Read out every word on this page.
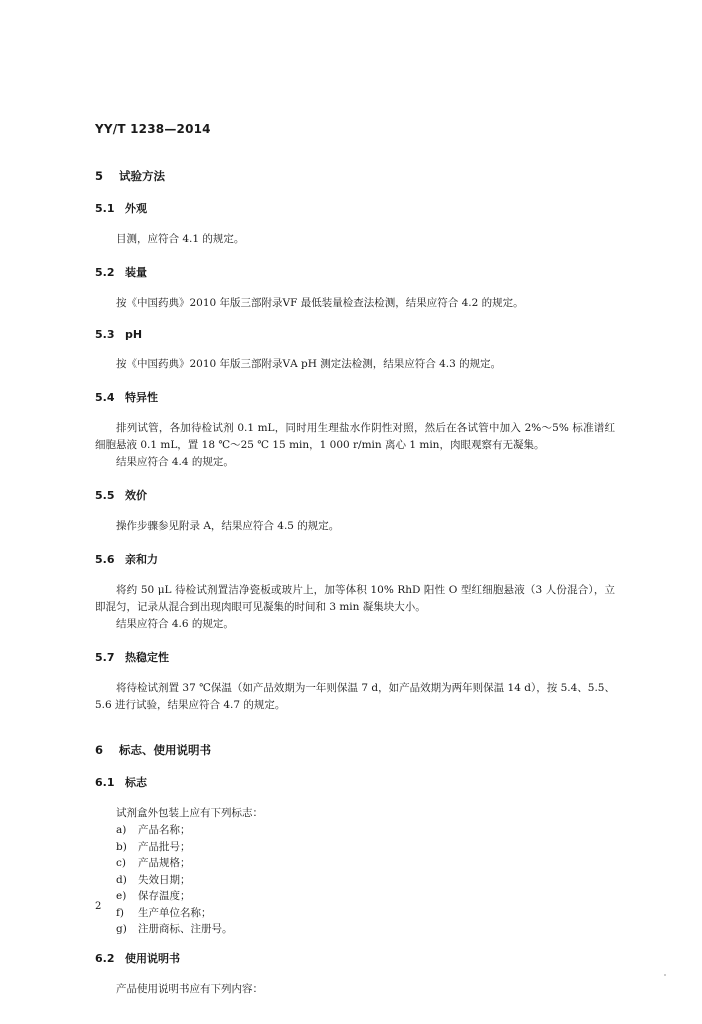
YY/T 1238—2014
5 试验方法
5.1 外观

目测，应符合 4.1 的规定。

5.2 装量

按《中国药典》2010 年版三部附录ⅤF 最低装量检查法检测，结果应符合 4.2 的规定。

5.3 pH

按《中国药典》2010 年版三部附录ⅤA pH 测定法检测，结果应符合 4.3 的规定。

5.4 特异性

排列试管，各加待检试剂 0.1 mL，同时用生理盐水作阴性对照，然后在各试管中加入 2%～5% 标准谱红细胞悬液 0.1 mL，置 18 ℃～25 ℃ 15 min，1 000 r/min 离心 1 min，肉眼观察有无凝集。

结果应符合 4.4 的规定。

5.5 效价

操作步骤参见附录 A，结果应符合 4.5 的规定。

5.6 亲和力

将约 50 μL 待检试剂置洁净瓷板或玻片上，加等体积 10% RhD 阳性 O 型红细胞悬液（3 人份混合），立即混匀，记录从混合到出现肉眼可见凝集的时间和 3 min 凝集块大小。

结果应符合 4.6 的规定。

5.7 热稳定性

将待检试剂置 37 ℃保温（如产品效期为一年则保温 7 d，如产品效期为两年则保温 14 d），按 5.4、5.5、5.6 进行试验，结果应符合 4.7 的规定。

6 标志、使用说明书
6.1 标志

试剂盒外包装上应有下列标志：

a) 产品名称；
b) 产品批号；
c) 产品规格；
d) 失效日期；
e) 保存温度；
f) 生产单位名称；
g) 注册商标、注册号。
6.2 使用说明书

产品使用说明书应有下列内容：

2
